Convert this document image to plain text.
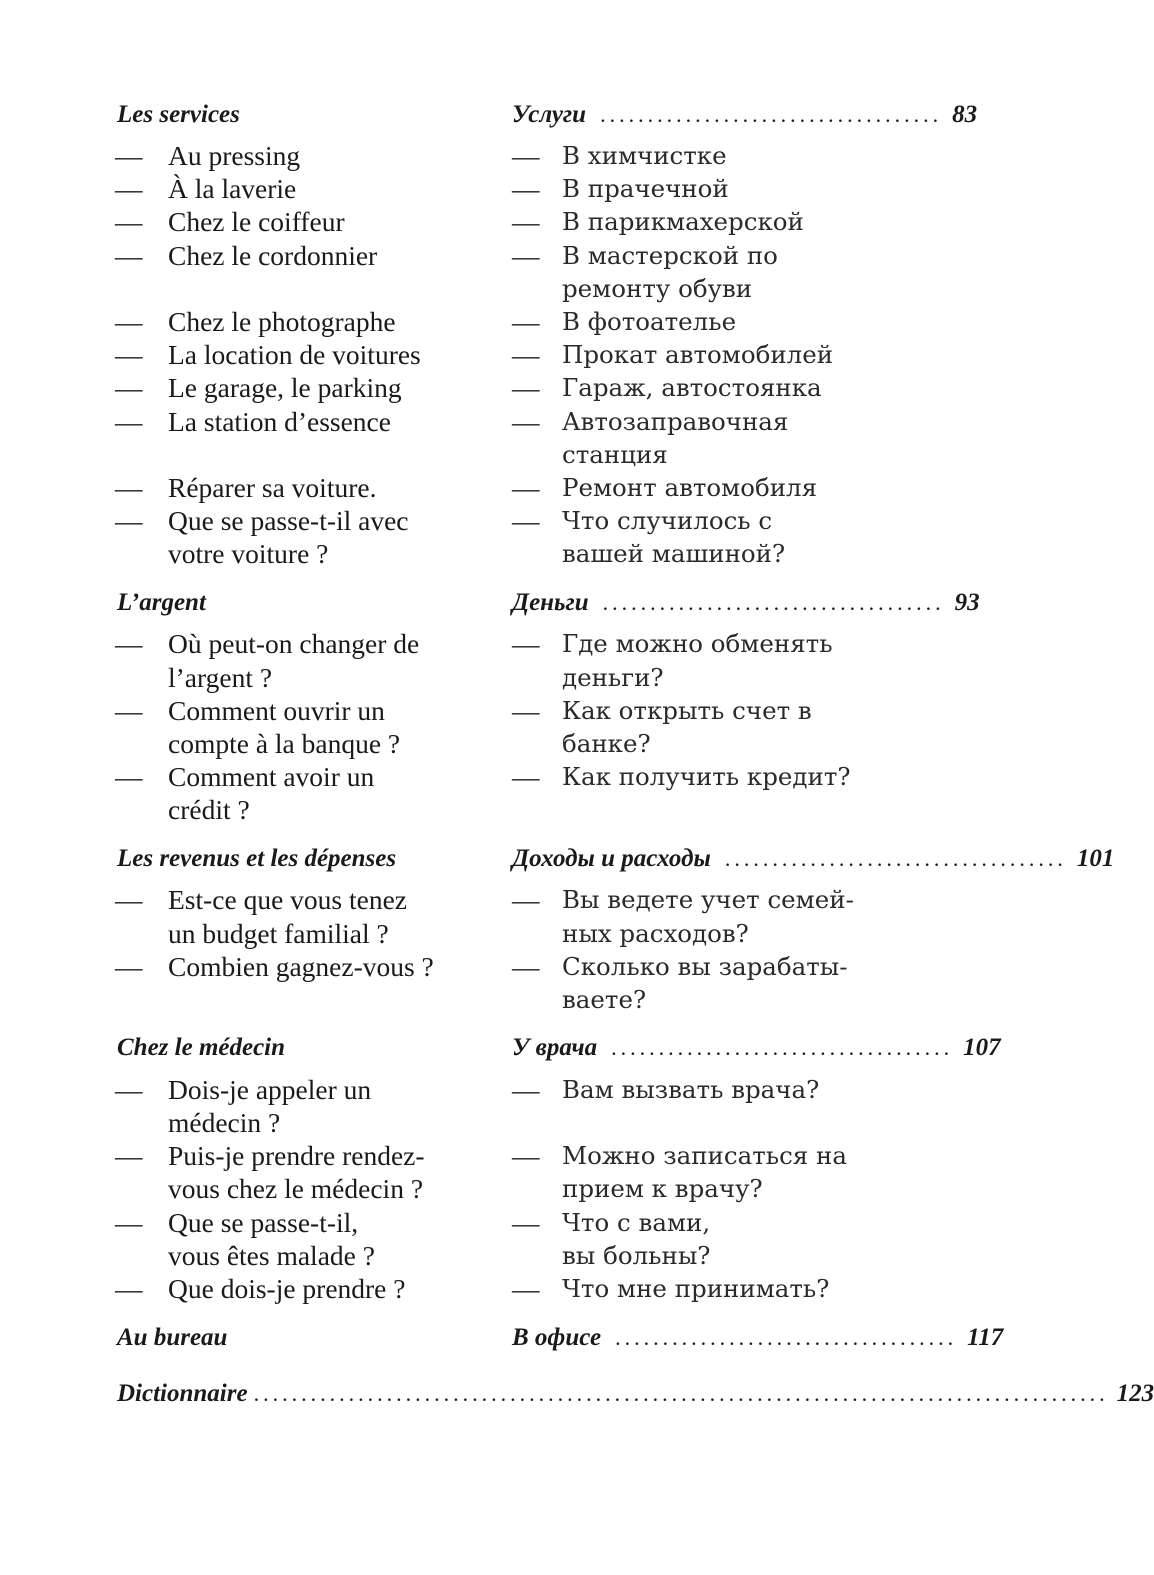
Les services	Услуги .................................... 83
— Au pressing	— В химчистке
— À la laverie	— В прачечной
— Chez le coiffeur	— В парикмахерской
— Chez le cordonnier	— В мастерской по
ремонту обуви
— Chez le photographe	— В фотоателье
— La location de voitures	— Прокат автомобилей
— Le garage, le parking	— Гараж, автостоянка
— La station d’essence	— Автозаправочная
станция
— Réparer sa voiture.	— Ремонт автомобиля
— Que se passe-t-il avec	— Что случилось с
votre voiture ?	вашей машиной?
L’argent	Деньги .................................... 93
— Où peut-on changer de	— Где можно обменять
l’argent ?	деньги?
— Comment ouvrir un	— Как открыть счет в
compte à la banque ?	банке?
— Comment avoir un	— Как получить кредит?
crédit ?
Les revenus et les dépenses	Доходы и расходы .................................... 101
— Est-ce que vous tenez	— Вы ведете учет семей-
un budget familial ?	ных расходов?
— Combien gagnez-vous ?	— Сколько вы зарабаты-
ваете?
Chez le médecin	У врача .................................... 107
— Dois-je appeler un	— Вам вызвать врача?
médecin ?
— Puis-je prendre rendez-	— Можно записаться на
vous chez le médecin ?	прием к врачу?
— Que se passe-t-il,	— Что с вами,
vous êtes malade ?	вы больны?
— Que dois-je prendre ?	— Что мне принимать?
Au bureau	В офисе .................................... 117
Dictionnaire .......................................................................................... 123
